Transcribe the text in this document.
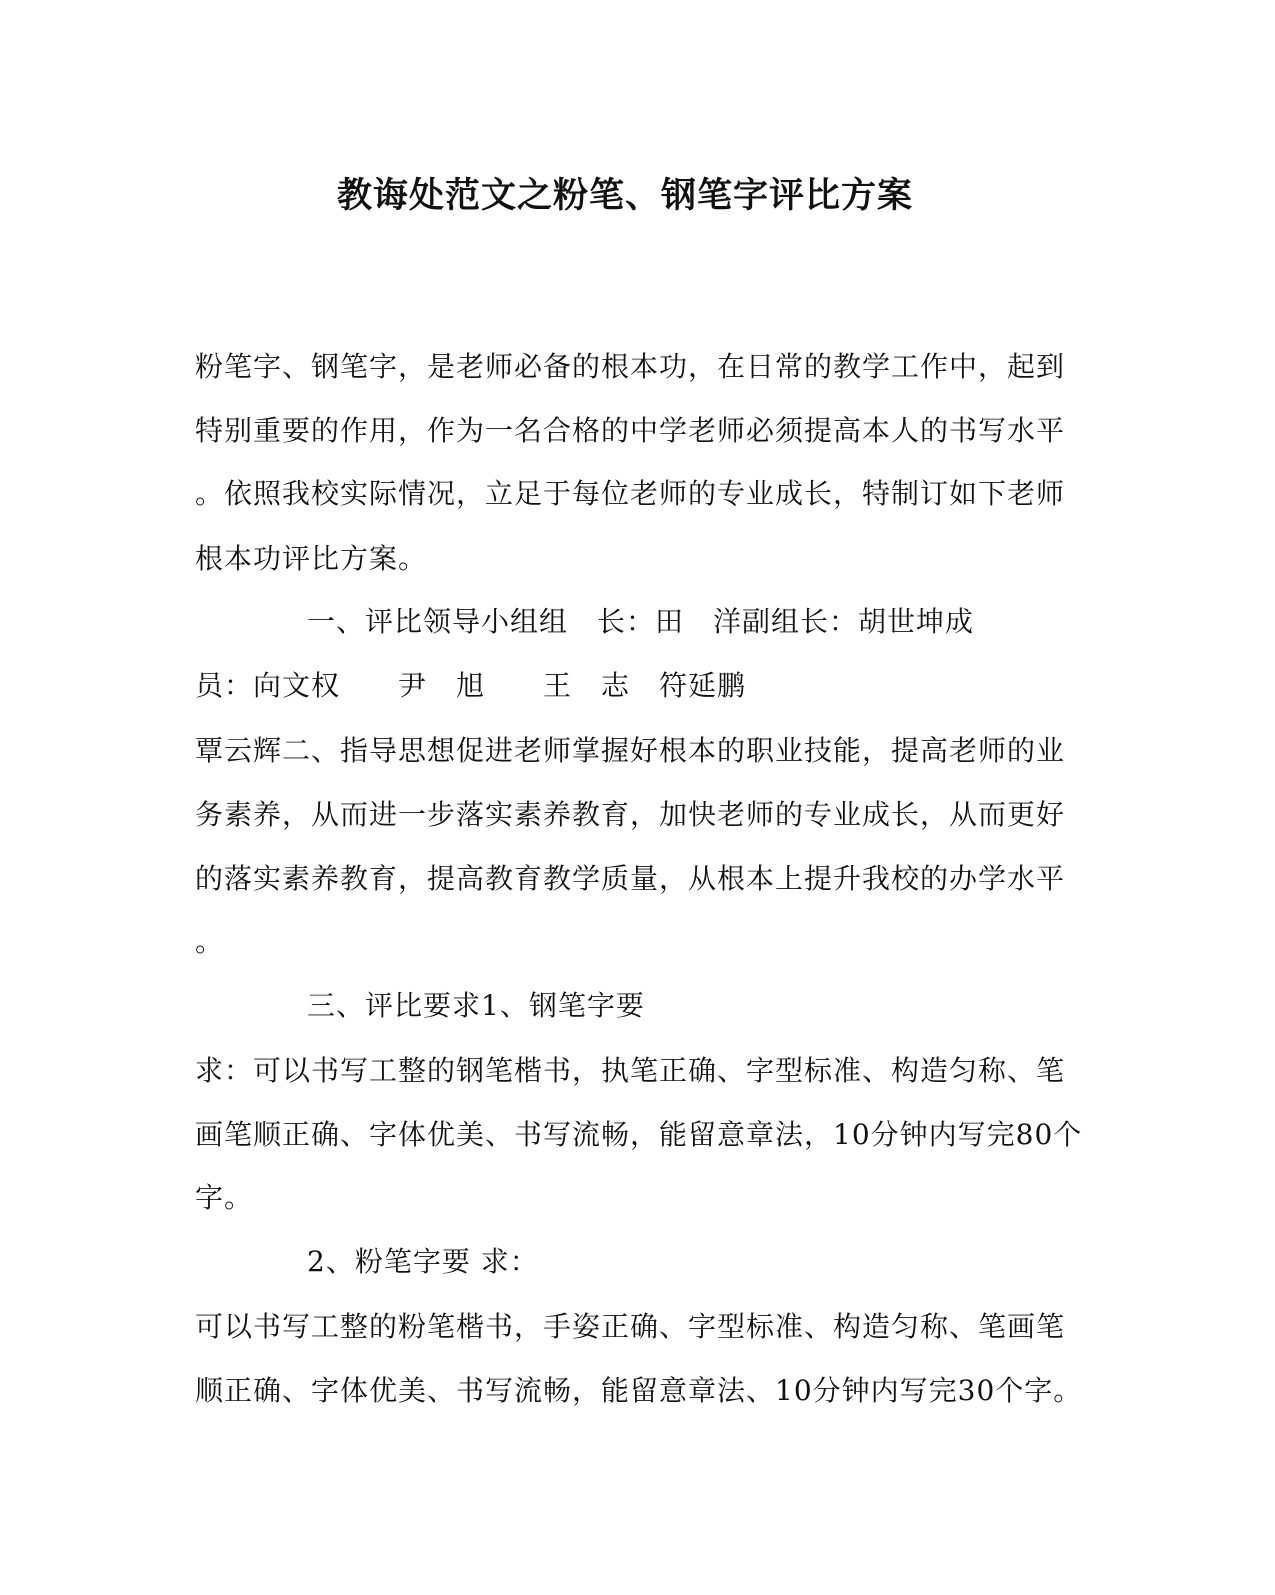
教诲处范文之粉笔、钢笔字评比方案
粉笔字、钢笔字，是老师必备的根本功，在日常的教学工作中，起到
特别重要的作用，作为一名合格的中学老师必须提高本人的书写水平
。依照我校实际情况，立足于每位老师的专业成长，特制订如下老师
根本功评比方案。
一、评比领导小组组　长：田　洋副组长：胡世坤成
员：向文权　　尹　旭　　王　志　符延鹏
覃云辉二、指导思想促进老师掌握好根本的职业技能，提高老师的业
务素养，从而进一步落实素养教育，加快老师的专业成长，从而更好
的落实素养教育，提高教育教学质量，从根本上提升我校的办学水平
。
三、评比要求1、钢笔字要
求：可以书写工整的钢笔楷书，执笔正确、字型标准、构造匀称、笔
画笔顺正确、字体优美、书写流畅，能留意章法，10分钟内写完80个
字。
2、粉笔字要 求：
可以书写工整的粉笔楷书，手姿正确、字型标准、构造匀称、笔画笔
顺正确、字体优美、书写流畅，能留意章法、10分钟内写完30个字。
